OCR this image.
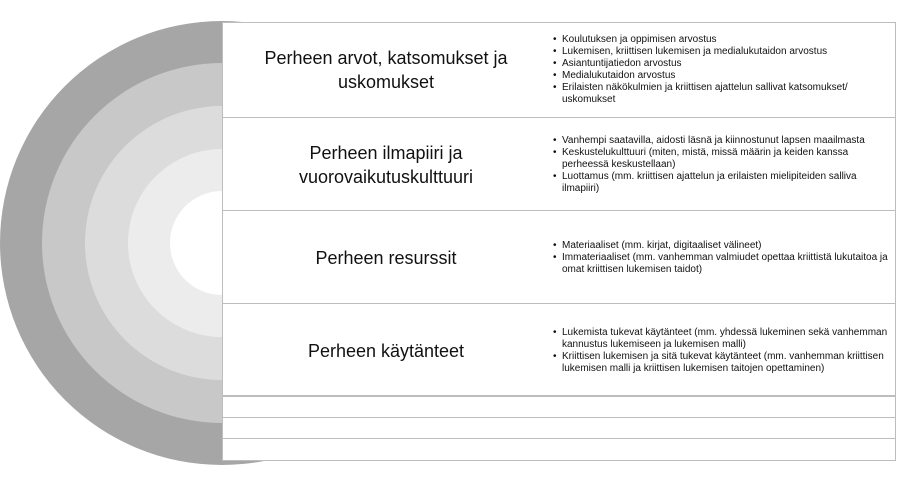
Perheen arvot, katsomukset ja uskomukset
• Koulutuksen ja oppimisen arvostus
• Lukemisen, kriittisen lukemisen ja medialukutaidon arvostus
• Asiantuntijatiedon arvostus
• Medialukutaidon arvostus
• Erilaisten näkökulmien ja kriittisen ajattelun sallivat katsomukset/ uskomukset
Perheen ilmapiiri ja vuorovaikutuskulttuuri
• Vanhempi saatavilla, aidosti läsnä ja kiinnostunut lapsen maailmasta
• Keskustelukulttuuri (miten, mistä, missä määrin ja keiden kanssa perheessä keskustellaan)
• Luottamus (mm. kriittisen ajattelun ja erilaisten mielipiteiden salliva ilmapiiri)
Perheen resurssit
• Materiaaliset (mm. kirjat, digitaaliset välineet)
• Immateriaaliset (mm. vanhemman valmiudet opettaa kriittistä lukutaitoa ja omat kriittisen lukemisen taidot)
Perheen käytänteet
• Lukemista tukevat käytänteet (mm. yhdessä lukeminen sekä vanhemman kannustus lukemiseen ja lukemisen malli)
• Kriittisen lukemisen ja sitä tukevat käytänteet (mm. vanhemman kriittisen lukemisen malli ja kriittisen lukemisen taitojen opettaminen)
